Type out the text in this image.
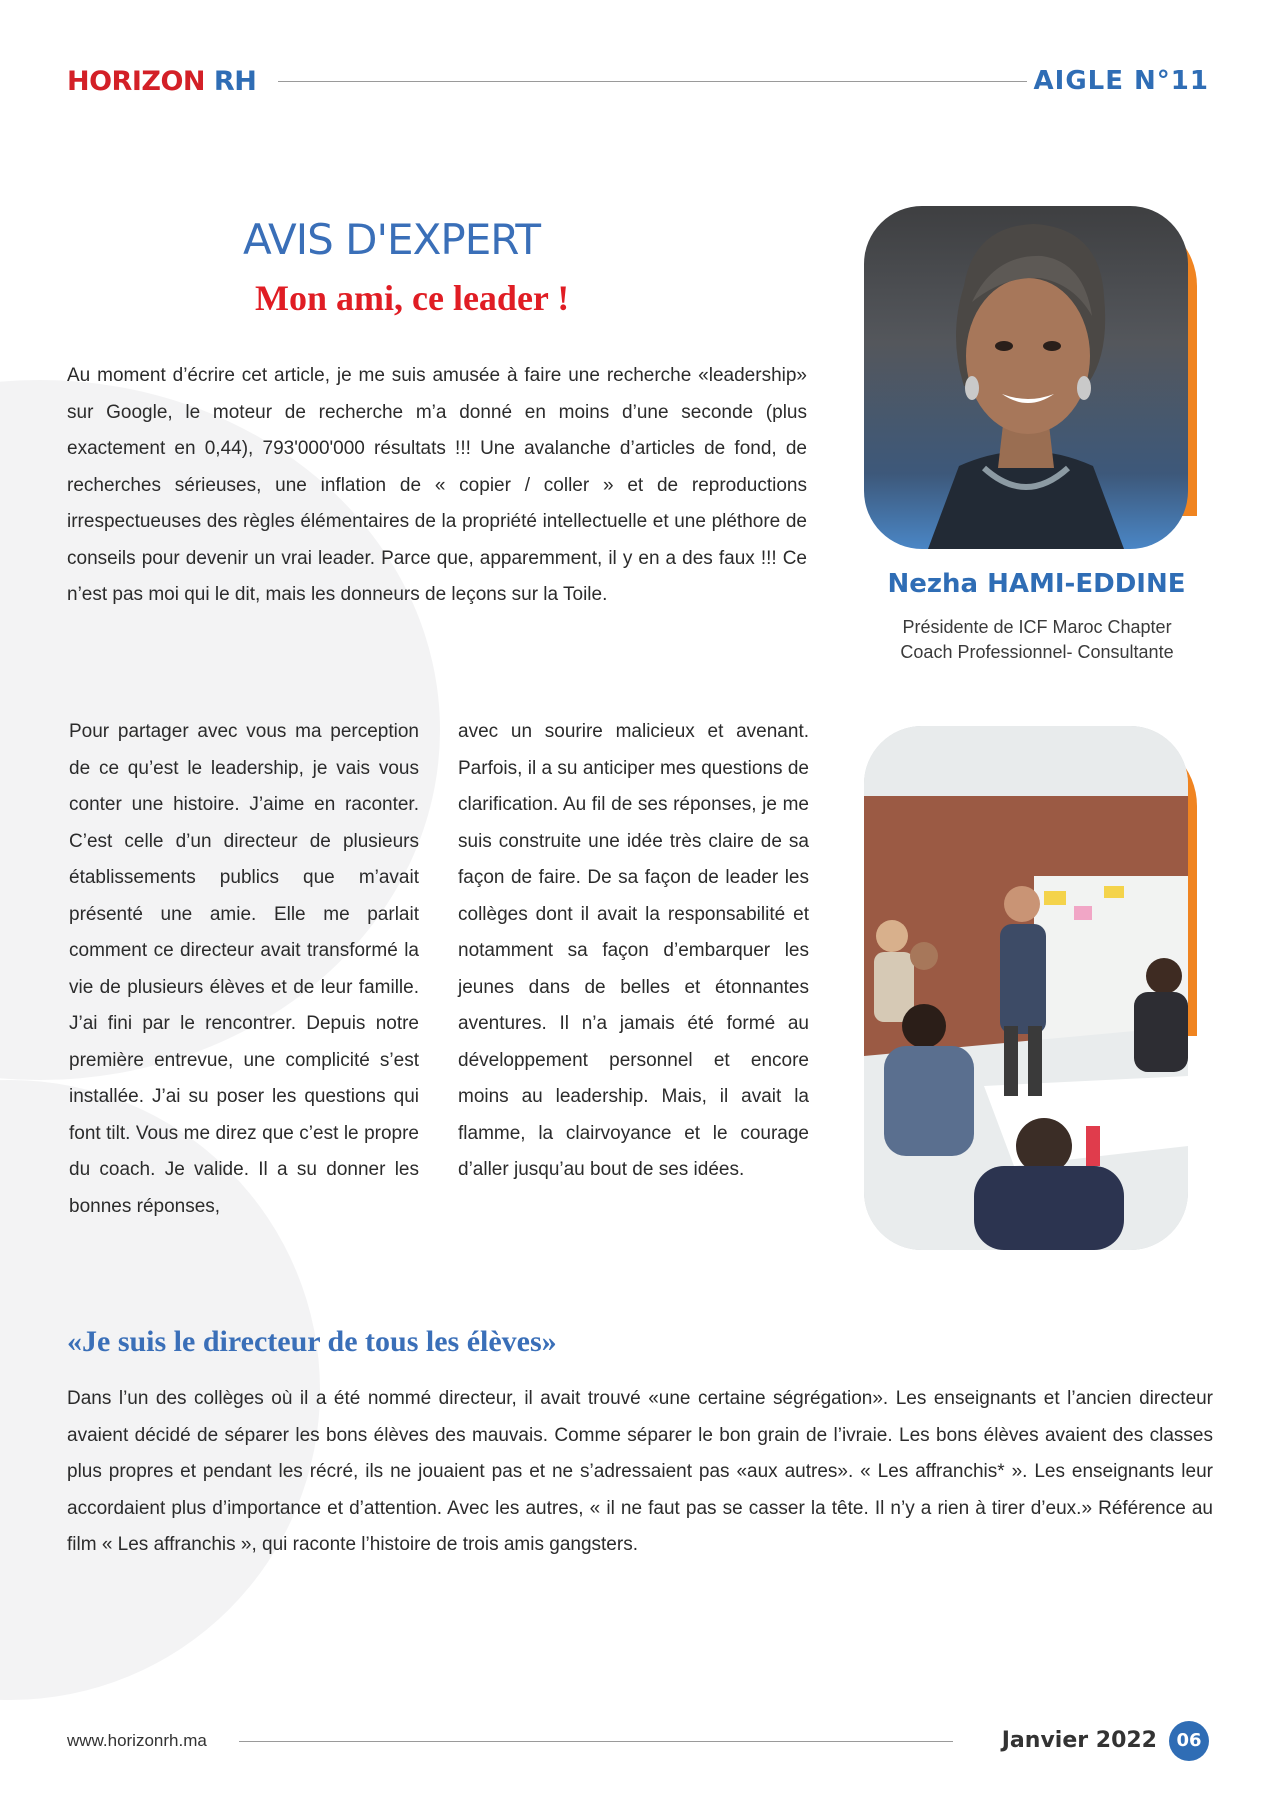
HORIZON RH	AIGLE N°11
AVIS D'EXPERT
Mon ami, ce leader !
Au moment d’écrire cet article, je me suis amusée à faire une recherche «leadership» sur Google, le moteur de recherche m’a donné en moins d’une seconde (plus exactement en 0,44), 793'000'000 résultats !!! Une avalanche d’articles de fond, de recherches sérieuses, une inflation de « copier / coller » et de reproductions irrespectueuses des règles élémentaires de la propriété intellectuelle et une pléthore de conseils pour devenir un vrai leader. Parce que, apparemment, il y en a des faux !!! Ce n’est pas moi qui le dit, mais les donneurs de leçons sur la Toile.	Nezha HAMI-EDDINE
Présidente de ICF Maroc Chapter
Coach Professionnel- Consultante
Pour partager avec vous ma perception de ce qu’est le leadership, je vais vous conter une histoire. J’aime en raconter. C’est celle d’un directeur de plusieurs établissements publics que m’avait présenté une amie. Elle me parlait comment ce directeur avait transformé la vie de plusieurs élèves et de leur famille. J’ai fini par le rencontrer. Depuis notre première entrevue, une complicité s’est installée. J’ai su poser les questions qui font tilt. Vous me direz que c’est le propre du coach. Je valide. Il a su donner les bonnes réponses,
avec un sourire malicieux et avenant. Parfois, il a su anticiper mes questions de clarification. Au fil de ses réponses, je me suis construite une idée très claire de sa façon de faire. De sa façon de leader les collèges dont il avait la responsabilité et notamment sa façon d’embarquer les jeunes dans de belles et étonnantes aventures. Il n’a jamais été formé au développement personnel et encore moins au leadership. Mais, il avait la flamme, la clairvoyance et le courage d’aller jusqu’au bout de ses idées.
«Je suis le directeur de tous les élèves»
Dans l’un des collèges où il a été nommé directeur, il avait trouvé «une certaine ségrégation». Les enseignants et l’ancien directeur avaient décidé de séparer les bons élèves des mauvais. Comme séparer le bon grain de l’ivraie. Les bons élèves avaient des classes plus propres et pendant les récré, ils ne jouaient pas et ne s’adressaient pas «aux autres». « Les affranchis* ». Les enseignants leur accordaient plus d’importance et d’attention. Avec les autres, « il ne faut pas se casser la tête. Il n’y a rien à tirer d’eux.» Référence au film « Les affranchis », qui raconte l’histoire de trois amis gangsters.
www.horizonrh.ma	Janvier 2022	06
